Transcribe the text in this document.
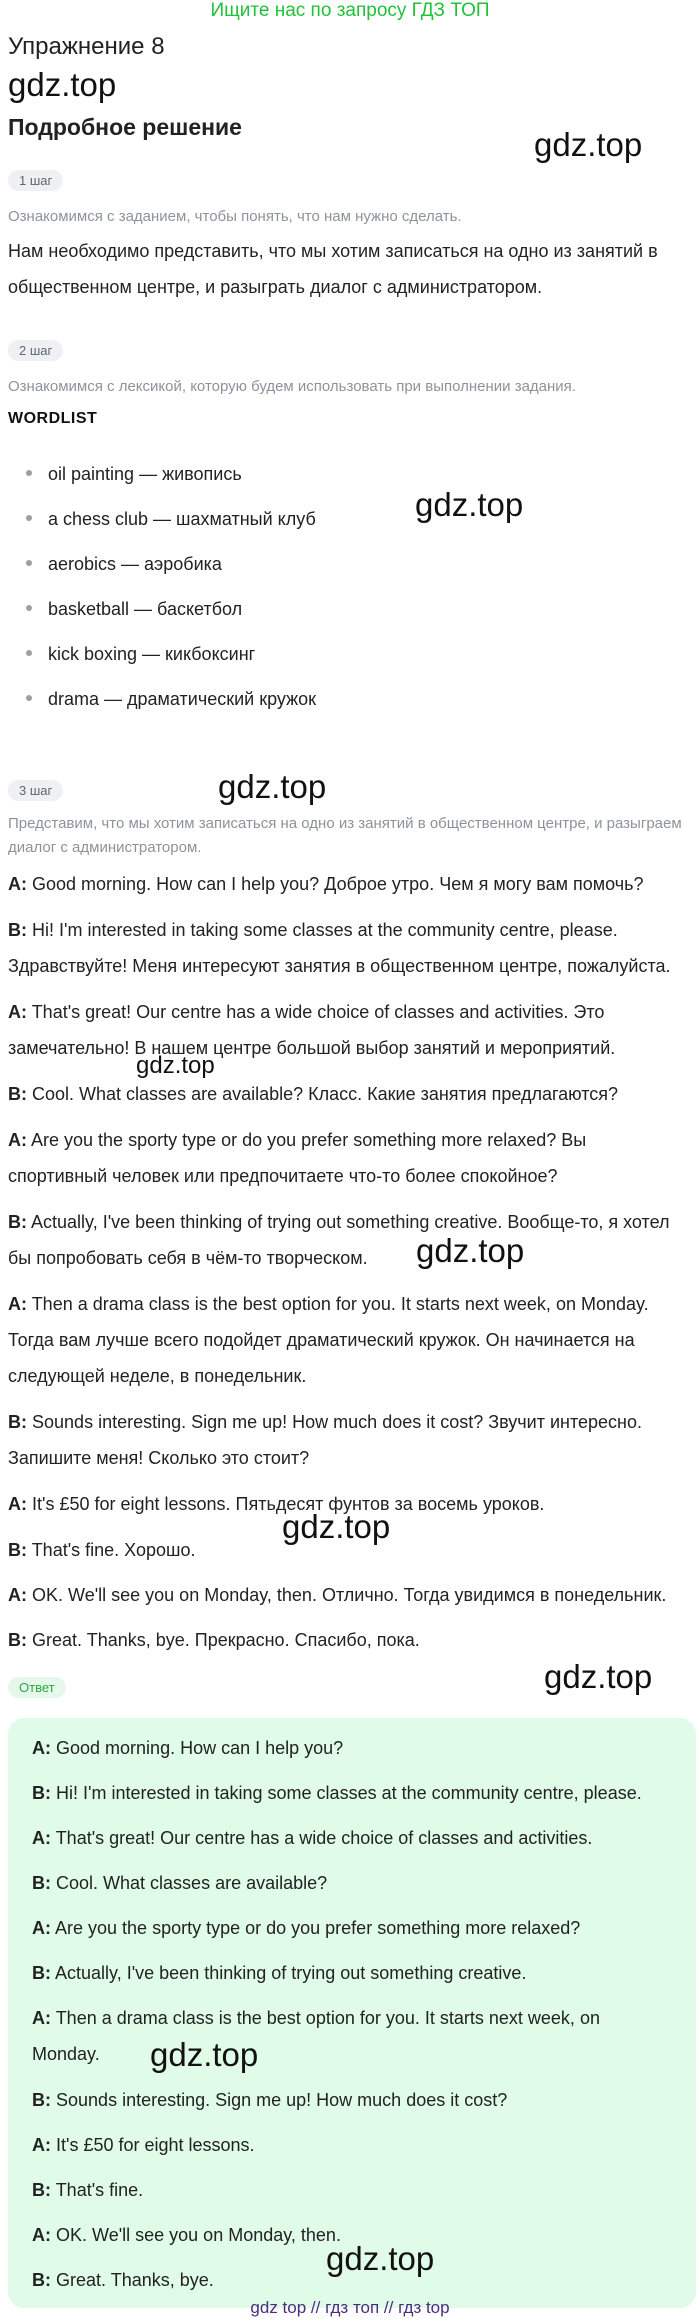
Ищите нас по запросу ГДЗ ТОП
Упражнение 8
gdz.top
Подробное решение	gdz.top
1 шаг
Ознакомимся с заданием, чтобы понять, что нам нужно сделать.
Нам необходимо представить, что мы хотим записаться на одно из занятий в общественном центре, и разыграть диалог с администратором.
2 шаг
Ознакомимся с лексикой, которую будем использовать при выполнении задания.
WORDLIST
oil painting — живопись
a chess club — шахматный клуб	gdz.top
aerobics — аэробика
basketball — баскетбол
kick boxing — кикбоксинг
drama — драматический кружок
3 шаг	gdz.top
Представим, что мы хотим записаться на одно из занятий в общественном центре, и разыграем диалог с администратором.
A: Good morning. How can I help you? Доброе утро. Чем я могу вам помочь?
B: Hi! I'm interested in taking some classes at the community centre, please. Здравствуйте! Меня интересуют занятия в общественном центре, пожалуйста.
A: That's great! Our centre has a wide choice of classes and activities. Это замечательно! В нашем центре большой выбор занятий и мероприятий.
gdz.top
B: Cool. What classes are available? Класс. Какие занятия предлагаются?
A: Are you the sporty type or do you prefer something more relaxed? Вы спортивный человек или предпочитаете что-то более спокойное?
B: Actually, I've been thinking of trying out something creative. Вообще-то, я хотел бы попробовать себя в чём-то творческом.	gdz.top
A: Then a drama class is the best option for you. It starts next week, on Monday. Тогда вам лучше всего подойдет драматический кружок. Он начинается на следующей неделе, в понедельник.
B: Sounds interesting. Sign me up! How much does it cost? Звучит интересно. Запишите меня! Сколько это стоит?
A: It's £50 for eight lessons. Пятьдесят фунтов за восемь уроков.
B: That's fine. Хорошо.
gdz.top
A: OK. We'll see you on Monday, then. Отлично. Тогда увидимся в понедельник.
B: Great. Thanks, bye. Прекрасно. Спасибо, пока.
Ответ	gdz.top
A: Good morning. How can I help you?
B: Hi! I'm interested in taking some classes at the community centre, please.
A: That's great! Our centre has a wide choice of classes and activities.
B: Cool. What classes are available?
A: Are you the sporty type or do you prefer something more relaxed?
B: Actually, I've been thinking of trying out something creative.
A: Then a drama class is the best option for you. It starts next week, on Monday.	gdz.top
B: Sounds interesting. Sign me up! How much does it cost?
A: It's £50 for eight lessons.
B: That's fine.
A: OK. We'll see you on Monday, then.
B: Great. Thanks, bye.
gdz.top
gdz top // гдз топ // гдз top
